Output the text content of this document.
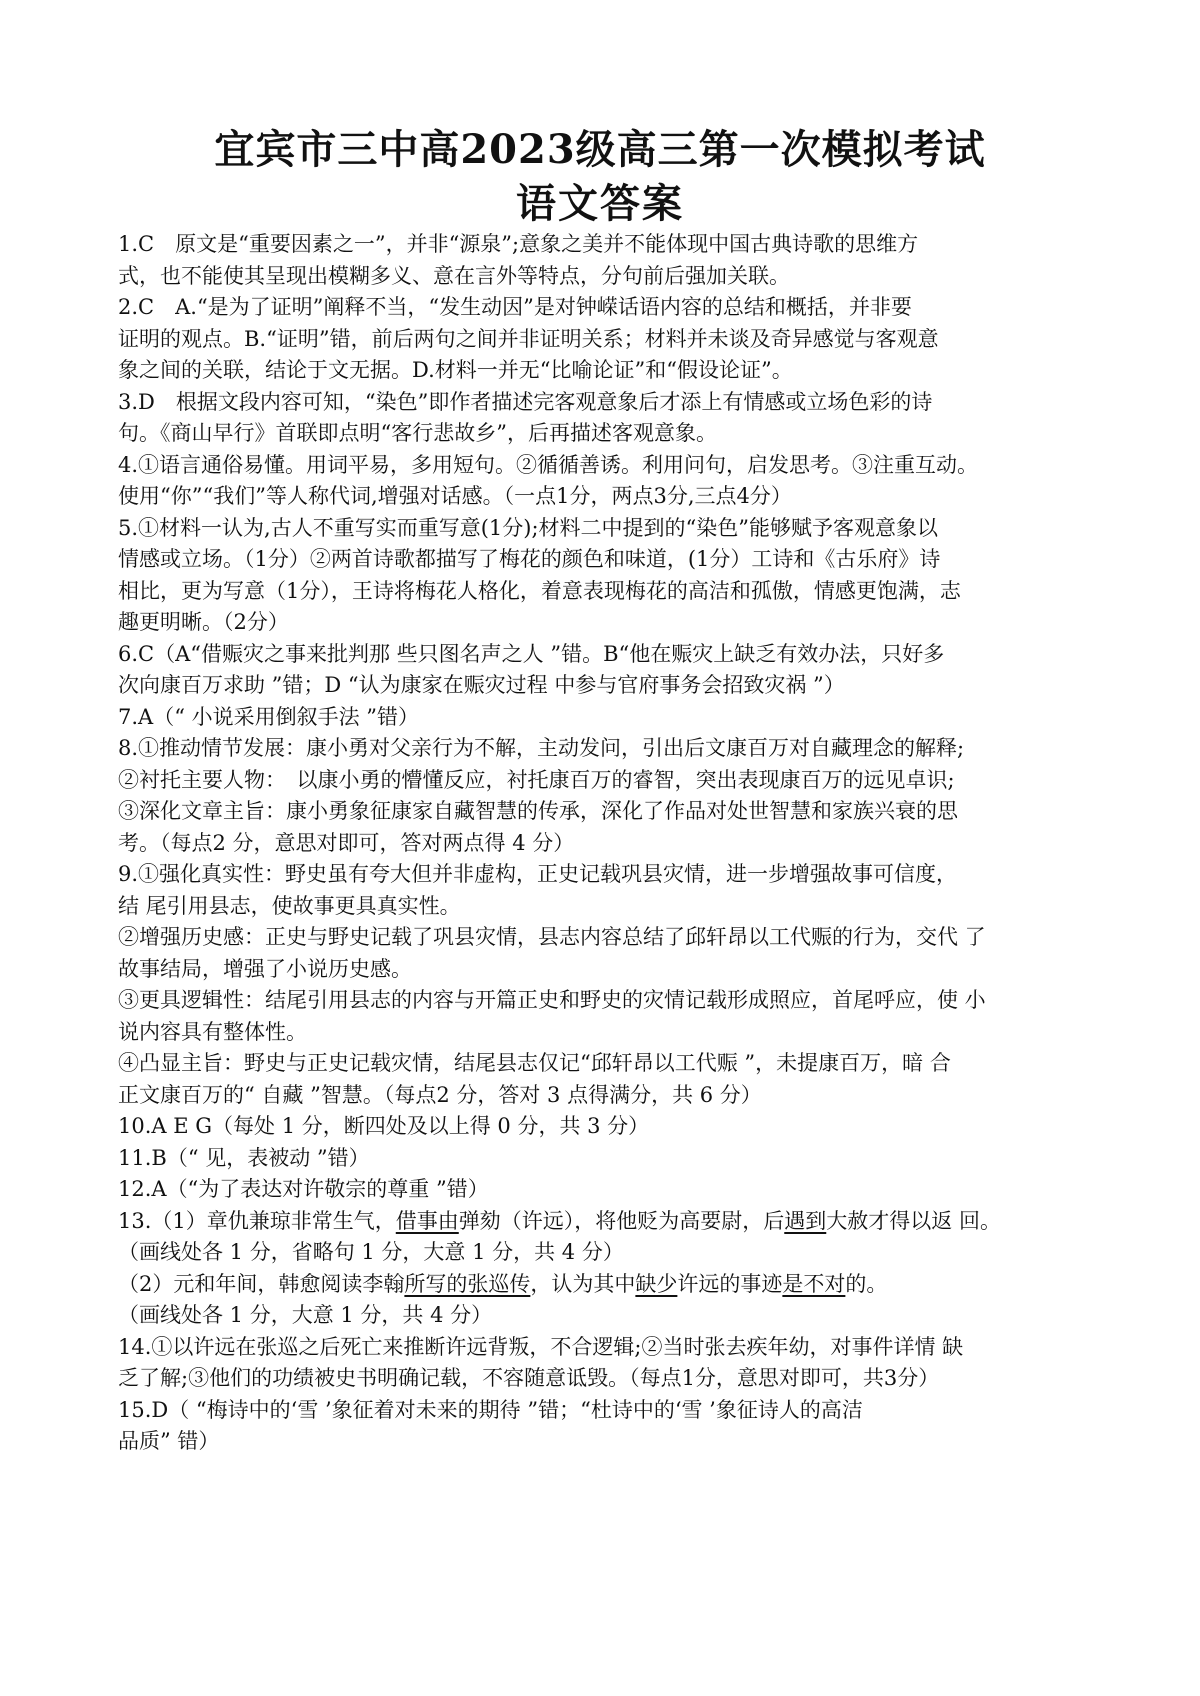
宜宾市三中高2023级高三第一次模拟考试
语文答案
1.C　原文是“重要因素之一”，并非“源泉”;意象之美并不能体现中国古典诗歌的思维方
式，也不能使其呈现出模糊多义、意在言外等特点，分句前后强加关联。
2.C　A.“是为了证明”阐释不当，“发生动因”是对钟嵘话语内容的总结和概括，并非要
证明的观点。B.“证明”错，前后两句之间并非证明关系；材料并未谈及奇异感觉与客观意
象之间的关联，结论于文无据。D.材料一并无“比喻论证”和“假设论证”。
3.D　根据文段内容可知，“染色”即作者描述完客观意象后才添上有情感或立场色彩的诗
句。《商山早行》首联即点明“客行悲故乡”，后再描述客观意象。
4.①语言通俗易懂。用词平易，多用短句。②循循善诱。利用问句，启发思考。③注重互动。
使用“你”“我们”等人称代词,增强对话感。（一点1分，两点3分,三点4分）
5.①材料一认为,古人不重写实而重写意(1分);材料二中提到的“染色”能够赋予客观意象以
情感或立场。（1分）②两首诗歌都描写了梅花的颜色和味道，(1分）工诗和《古乐府》诗
相比，更为写意（1分），王诗将梅花人格化，着意表现梅花的高洁和孤傲，情感更饱满，志
趣更明晰。（2分）
6.C（A“借赈灾之事来批判那 些只图名声之人 ”错。B“他在赈灾上缺乏有效办法，只好多
次向康百万求助 ”错；D “认为康家在赈灾过程 中参与官府事务会招致灾祸 ”）
7.A（“ 小说采用倒叙手法 ”错）
8.①推动情节发展：康小勇对父亲行为不解，主动发问，引出后文康百万对自藏理念的解释;
②衬托主要人物：　以康小勇的懵懂反应，衬托康百万的睿智，突出表现康百万的远见卓识;
③深化文章主旨：康小勇象征康家自藏智慧的传承，深化了作品对处世智慧和家族兴衰的思
考。（每点2 分，意思对即可，答对两点得 4 分）
9.①强化真实性：野史虽有夸大但并非虚构，正史记载巩县灾情，进一步增强故事可信度，
结 尾引用县志，使故事更具真实性。
②增强历史感：正史与野史记载了巩县灾情，县志内容总结了邱轩昂以工代赈的行为，交代 了
故事结局，增强了小说历史感。
③更具逻辑性：结尾引用县志的内容与开篇正史和野史的灾情记载形成照应，首尾呼应，使 小
说内容具有整体性。
④凸显主旨：野史与正史记载灾情，结尾县志仅记“邱轩昂以工代赈 ”，未提康百万，暗 合
正文康百万的“ 自藏 ”智慧。（每点2 分，答对 3 点得满分，共 6 分）
10.A E G（每处 1 分，断四处及以上得 0 分，共 3 分）
11.B（“ 见，表被动 ”错）
12.A（“为了表达对许敬宗的尊重 ”错）
13.（1）章仇兼琼非常生气，借事由弹劾（许远），将他贬为高要尉，后遇到大赦才得以返 回。
（画线处各 1 分，省略句 1 分，大意 1 分，共 4 分）
（2）元和年间，韩愈阅读李翰所写的张巡传，认为其中缺少许远的事迹是不对的。
（画线处各 1 分，大意 1 分，共 4 分）
14.①以许远在张巡之后死亡来推断许远背叛，不合逻辑;②当时张去疾年幼，对事件详情 缺
乏了解;③他们的功绩被史书明确记载，不容随意诋毁。（每点1分，意思对即可，共3分）
15.D（ “梅诗中的‘雪 ’象征着对未来的期待 ”错；“杜诗中的‘雪 ’象征诗人的高洁
品质” 错）
